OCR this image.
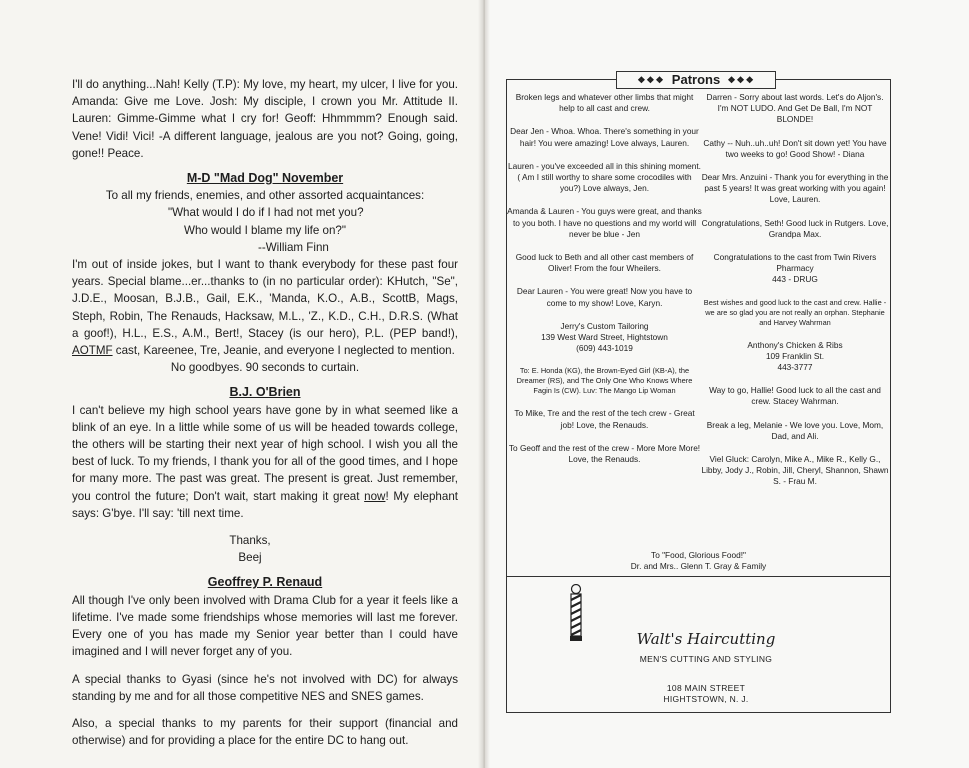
I'll do anything...Nah! Kelly (T.P): My love, my heart, my ulcer, I live for you. Amanda: Give me Love. Josh: My disciple, I crown you Mr. Attitude II. Lauren: Gimme-Gimme what I cry for! Geoff: Hhmmmm? Enough said. Vene! Vidi! Vici! -A different language, jealous are you not? Going, going, gone!! Peace.

M-D "Mad Dog" November

To all my friends, enemies, and other assorted acquaintances:

"What would I do if I had not met you?

Who would I blame my life on?"

--William Finn

I'm out of inside jokes, but I want to thank everybody for these past four years. Special blame...er...thanks to (in no particular order): KHutch, "Se", J.D.E., Moosan, B.J.B., Gail, E.K., 'Manda, K.O., A.B., ScottB, Mags, Steph, Robin, The Renauds, Hacksaw, M.L., 'Z., K.D., C.H., D.R.S. (What a goof!), H.L., E.S., A.M., Bert!, Stacey (is our hero), P.L. (PEP band!), AOTMF cast, Kareenee, Tre, Jeanie, and everyone I neglected to mention.

No goodbyes. 90 seconds to curtain.

B.J. O'Brien

I can't believe my high school years have gone by in what seemed like a blink of an eye. In a little while some of us will be headed towards college, the others will be starting their next year of high school. I wish you all the best of luck. To my friends, I thank you for all of the good times, and I hope for many more. The past was great. The present is great. Just remember, you control the future; Don't wait, start making it great now! My elephant says: G'bye. I'll say: 'till next time.

Thanks,

Beej

Geoffrey P. Renaud

All though I've only been involved with Drama Club for a year it feels like a lifetime. I've made some friendships whose memories will last me forever. Every one of you has made my Senior year better than I could have imagined and I will never forget any of you.

A special thanks to Gyasi (since he's not involved with DC) for always standing by me and for all those competitive NES and SNES games.

Also, a special thanks to my parents for their support (financial and otherwise) and for providing a place for the entire DC to hang out.

❖❖❖ Patrons ❖❖❖

Broken legs and whatever other limbs that might help to all cast and crew.

Dear Jen - Whoa. Whoa. There's something in your hair! You were amazing! Love always, Lauren.

Lauren - you've exceeded all in this shining moment. ( Am I still worthy to share some crocodiles with you?) Love always, Jen.

Amanda & Lauren - You guys were great, and thanks to you both. I have no questions and my world will never be blue - Jen

Good luck to Beth and all other cast members of Oliver! From the four Wheilers.

Dear Lauren - You were great! Now you have to come to my show! Love, Karyn.

Jerry's Custom Tailoring
139 West Ward Street, Hightstown
(609) 443-1019

To: E. Honda (KG), the Brown-Eyed Girl (KB-A), the Dreamer (RS), and The Only One Who Knows Where Fagin Is (CW). Luv: The Mango Lip Woman

To Mike, Tre and the rest of the tech crew - Great job! Love, the Renauds.

To Geoff and the rest of the crew - More More More! Love, the Renauds.

Darren - Sorry about last words. Let's do Aljon's. I'm NOT LUDO. And Get De Ball, I'm NOT BLONDE!

Cathy -- Nuh..uh..uh! Don't sit down yet! You have two weeks to go! Good Show! - Diana

Dear Mrs. Anzuini - Thank you for everything in the past 5 years! It was great working with you again! Love, Lauren.

Congratulations, Seth! Good luck in Rutgers. Love, Grandpa Max.

Congratulations to the cast from Twin Rivers Pharmacy
443 - DRUG

Best wishes and good luck to the cast and crew. Hallie - we are so glad you are not really an orphan. Stephanie and Harvey Wahrman

Anthony's Chicken & Ribs
109 Franklin St.
443-3777

Way to go, Hallie! Good luck to all the cast and crew. Stacey Wahrman.

Break a leg, Melanie - We love you. Love, Mom, Dad, and Ali.

Viel Gluck: Carolyn, Mike A., Mike R., Kelly G., Libby, Jody J., Robin, Jill, Cheryl, Shannon, Shawn S. - Frau M.

To "Food, Glorious Food!"
Dr. and Mrs.. Glenn T. Gray & Family
Walt's Haircutting
MEN'S CUTTING AND STYLING
108 MAIN STREET
HIGHTSTOWN, N. J.
